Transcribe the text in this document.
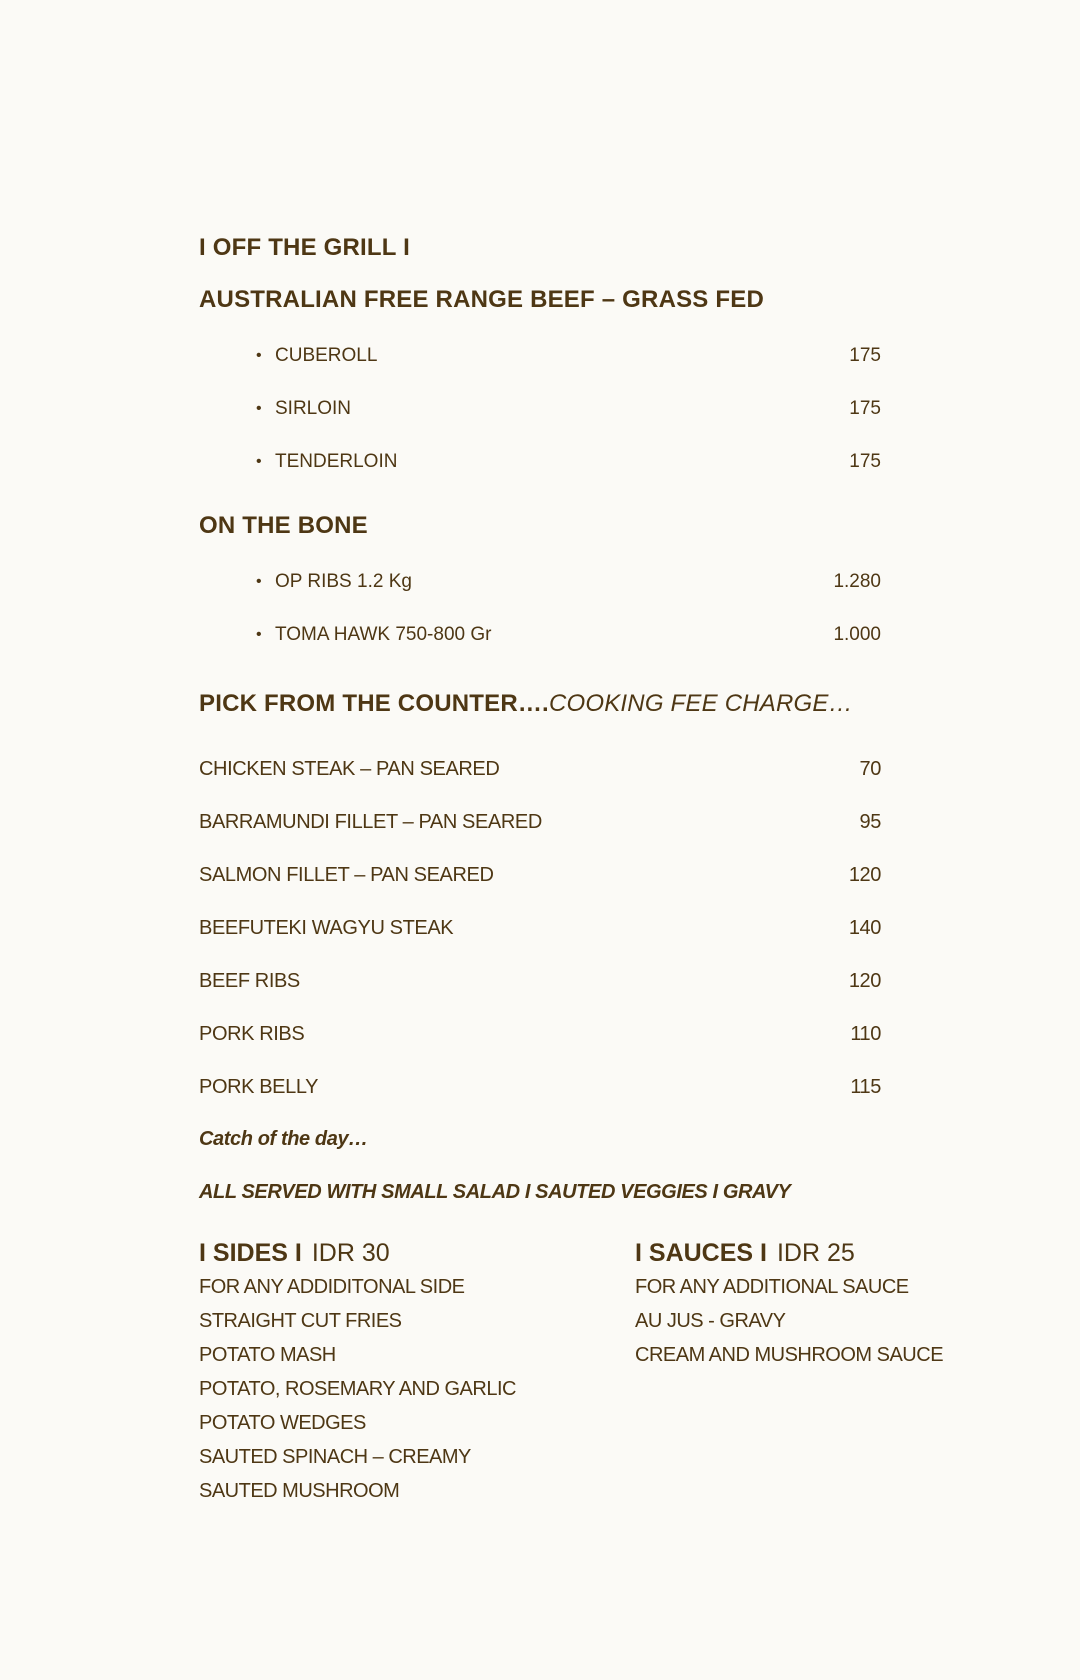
I OFF THE GRILL I
AUSTRALIAN FREE RANGE BEEF – GRASS FED
• CUBEROLL	175
• SIRLOIN	175
• TENDERLOIN	175
ON THE BONE
• OP RIBS 1.2 Kg	1.280
• TOMA HAWK 750-800 Gr	1.000
PICK FROM THE COUNTER….COOKING FEE CHARGE…
CHICKEN STEAK – PAN SEARED	70
BARRAMUNDI FILLET – PAN SEARED	95
SALMON FILLET – PAN SEARED	120
BEEFUTEKI WAGYU STEAK	140
BEEF RIBS	120
PORK RIBS	110
PORK BELLY	115
Catch of the day…
ALL SERVED WITH SMALL SALAD I SAUTED VEGGIES I GRAVY
I SIDES I IDR 30
FOR ANY ADDIDITONAL SIDE
STRAIGHT CUT FRIES
POTATO MASH
POTATO, ROSEMARY AND GARLIC
POTATO WEDGES
SAUTED SPINACH – CREAMY
SAUTED MUSHROOM
I SAUCES I IDR 25
FOR ANY ADDITIONAL SAUCE
AU JUS - GRAVY
CREAM AND MUSHROOM SAUCE
